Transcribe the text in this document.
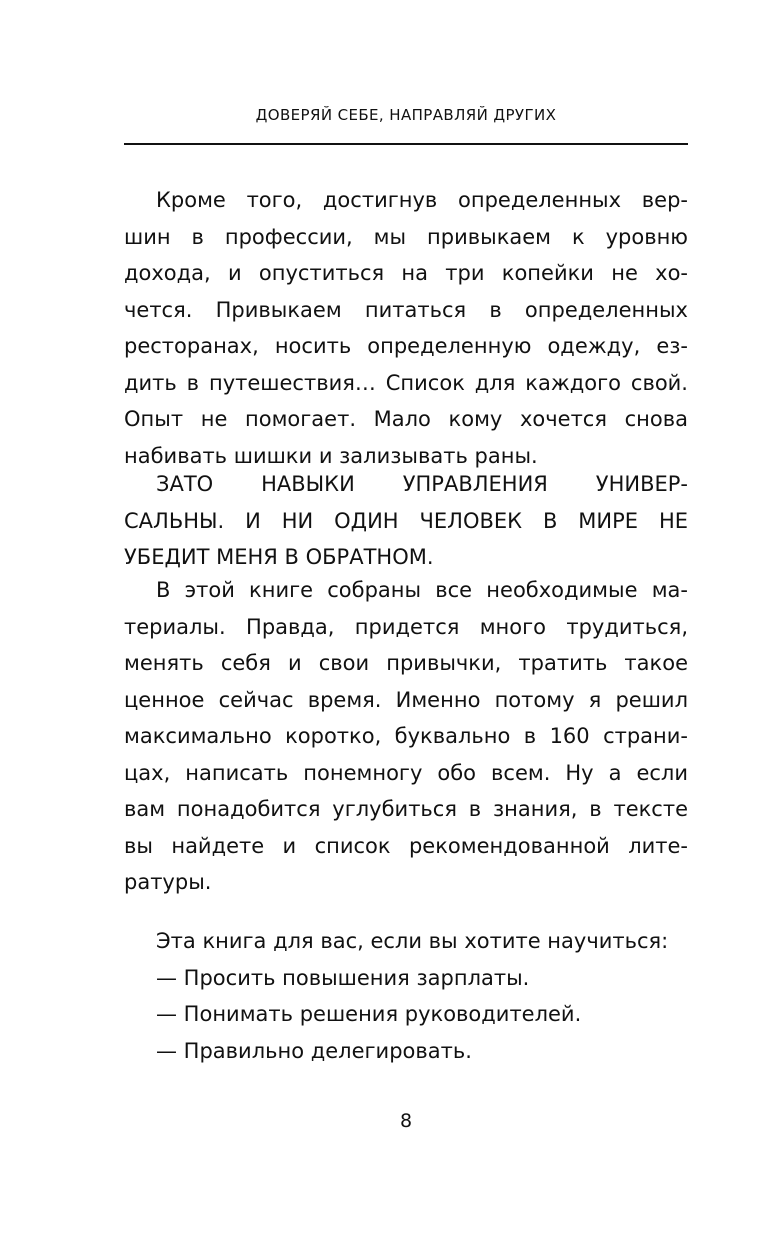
ДОВЕРЯЙ СЕБЕ, НАПРАВЛЯЙ ДРУГИХ
Кроме того, достигнув определенных вер-
шин в профессии, мы привыкаем к уровню
дохода, и опуститься на три копейки не хо-
чется. Привыкаем питаться в определенных
ресторанах, носить определенную одежду, ез-
дить в путешествия… Список для каждого свой.
Опыт не помогает. Мало кому хочется снова
набивать шишки и зализывать раны.
ЗАТО НАВЫКИ УПРАВЛЕНИЯ УНИВЕР-
САЛЬНЫ. И НИ ОДИН ЧЕЛОВЕК В МИРЕ НЕ
УБЕДИТ МЕНЯ В ОБРАТНОМ.
В этой книге собраны все необходимые ма-
териалы. Правда, придется много трудиться,
менять себя и свои привычки, тратить такое
ценное сейчас время. Именно потому я решил
максимально коротко, буквально в 160 страни-
цах, написать понемногу обо всем. Ну а если
вам понадобится углубиться в знания, в тексте
вы найдете и список рекомендованной лите-
ратуры.
Эта книга для вас, если вы хотите научиться:
— Просить повышения зарплаты.
— Понимать решения руководителей.
— Правильно делегировать.
8
